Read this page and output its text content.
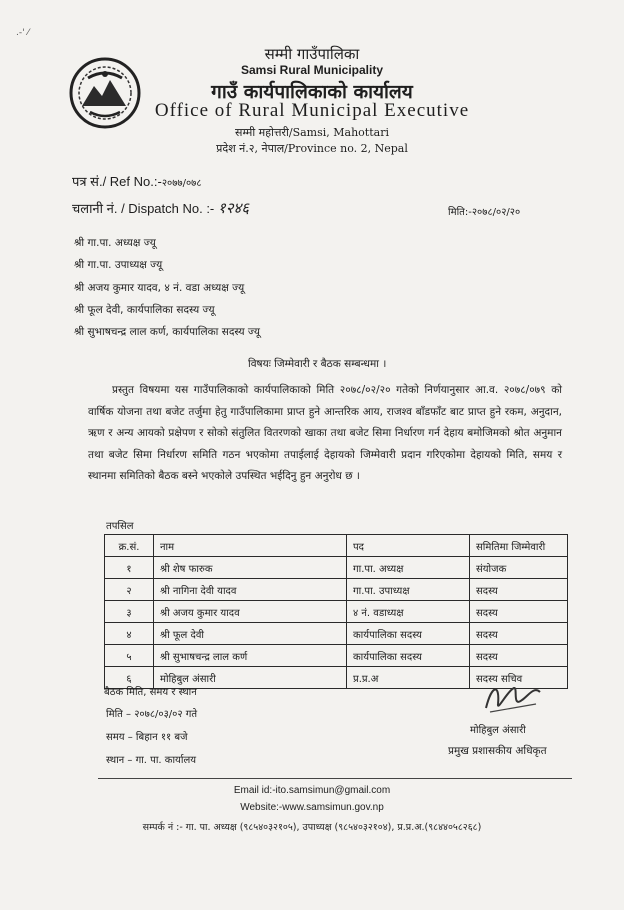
.-' ⁄
सम्मी गाउँपालिका
Samsi Rural Municipality
गाउँ कार्यपालिकाको कार्यालय
Office of Rural Municipal Executive
सम्मी महोत्तरी/Samsi, Mahottari
प्रदेश नं.२, नेपाल/Province no. 2, Nepal
पत्र सं./ Ref No.:-२०७७/०७८
चलानी नं. / Dispatch No. :- १२४६	मिति:-२०७८/०२/२०
श्री गा.पा. अध्यक्ष ज्यू
श्री गा.पा. उपाध्यक्ष ज्यू
श्री अजय कुमार यादव, ४ नं. वडा अध्यक्ष ज्यू
श्री फूल देवी, कार्यपालिका सदस्य ज्यू
श्री सुभाषचन्द्र लाल कर्ण, कार्यपालिका सदस्य ज्यू
विषयः जिम्मेवारी र बैठक सम्बन्धमा ।
प्रस्तुत विषयमा यस गाउँपालिकाको कार्यपालिकाको मिति २०७८/०२/२० गतेको निर्णयानुसार आ.व. २०७८/०७९ को वार्षिक योजना तथा बजेट तर्जुमा हेतु गाउँपालिकामा प्राप्त हुने आन्तरिक आय, राजश्व बाँडफाँट बाट प्राप्त हुने रकम, अनुदान, ऋण र अन्य आयको प्रक्षेपण र सोको संतुलित वितरणको खाका तथा बजेट सिमा निर्धारण गर्न देहाय बमोजिमको श्रोत अनुमान तथा बजेट सिमा निर्धारण समिति गठन भएकोमा तपाईलाई देहायको जिम्मेवारी प्रदान गरिएकोमा देहायको मिति, समय र स्थानमा समितिको बैठक बस्ने भएकोले उपस्थित भईदिनु हुन अनुरोध छ ।
तपसिल
क्र.सं.	नाम	पद	समितिमा जिम्मेवारी
१	श्री शेष फारुक	गा.पा. अध्यक्ष	संयोजक
२	श्री नागिना देवी यादव	गा.पा. उपाध्यक्ष	सदस्य
३	श्री अजय कुमार यादव	४ नं. वडाध्यक्ष	सदस्य
४	श्री फूल देवी	कार्यपालिका सदस्य	सदस्य
५	श्री सुभाषचन्द्र लाल कर्ण	कार्यपालिका सदस्य	सदस्य
६	मोहिबुल अंसारी	प्र.प्र.अ	सदस्य सचिव
बैठक मिति, समय र स्थान
मिति – २०७८/०३/०२ गते
समय – बिहान ११ बजे
स्थान – गा. पा. कार्यालय
मोहिबुल अंसारी
प्रमुख प्रशासकीय अधिकृत
Email id:-ito.samsimun@gmail.com
Website:-www.samsimun.gov.np
सम्पर्क नं :- गा. पा. अध्यक्ष (९८५४०३२१०५), उपाध्यक्ष (९८५४०३२१०४), प्र.प्र.अ.(९८४४०५८२६८)
